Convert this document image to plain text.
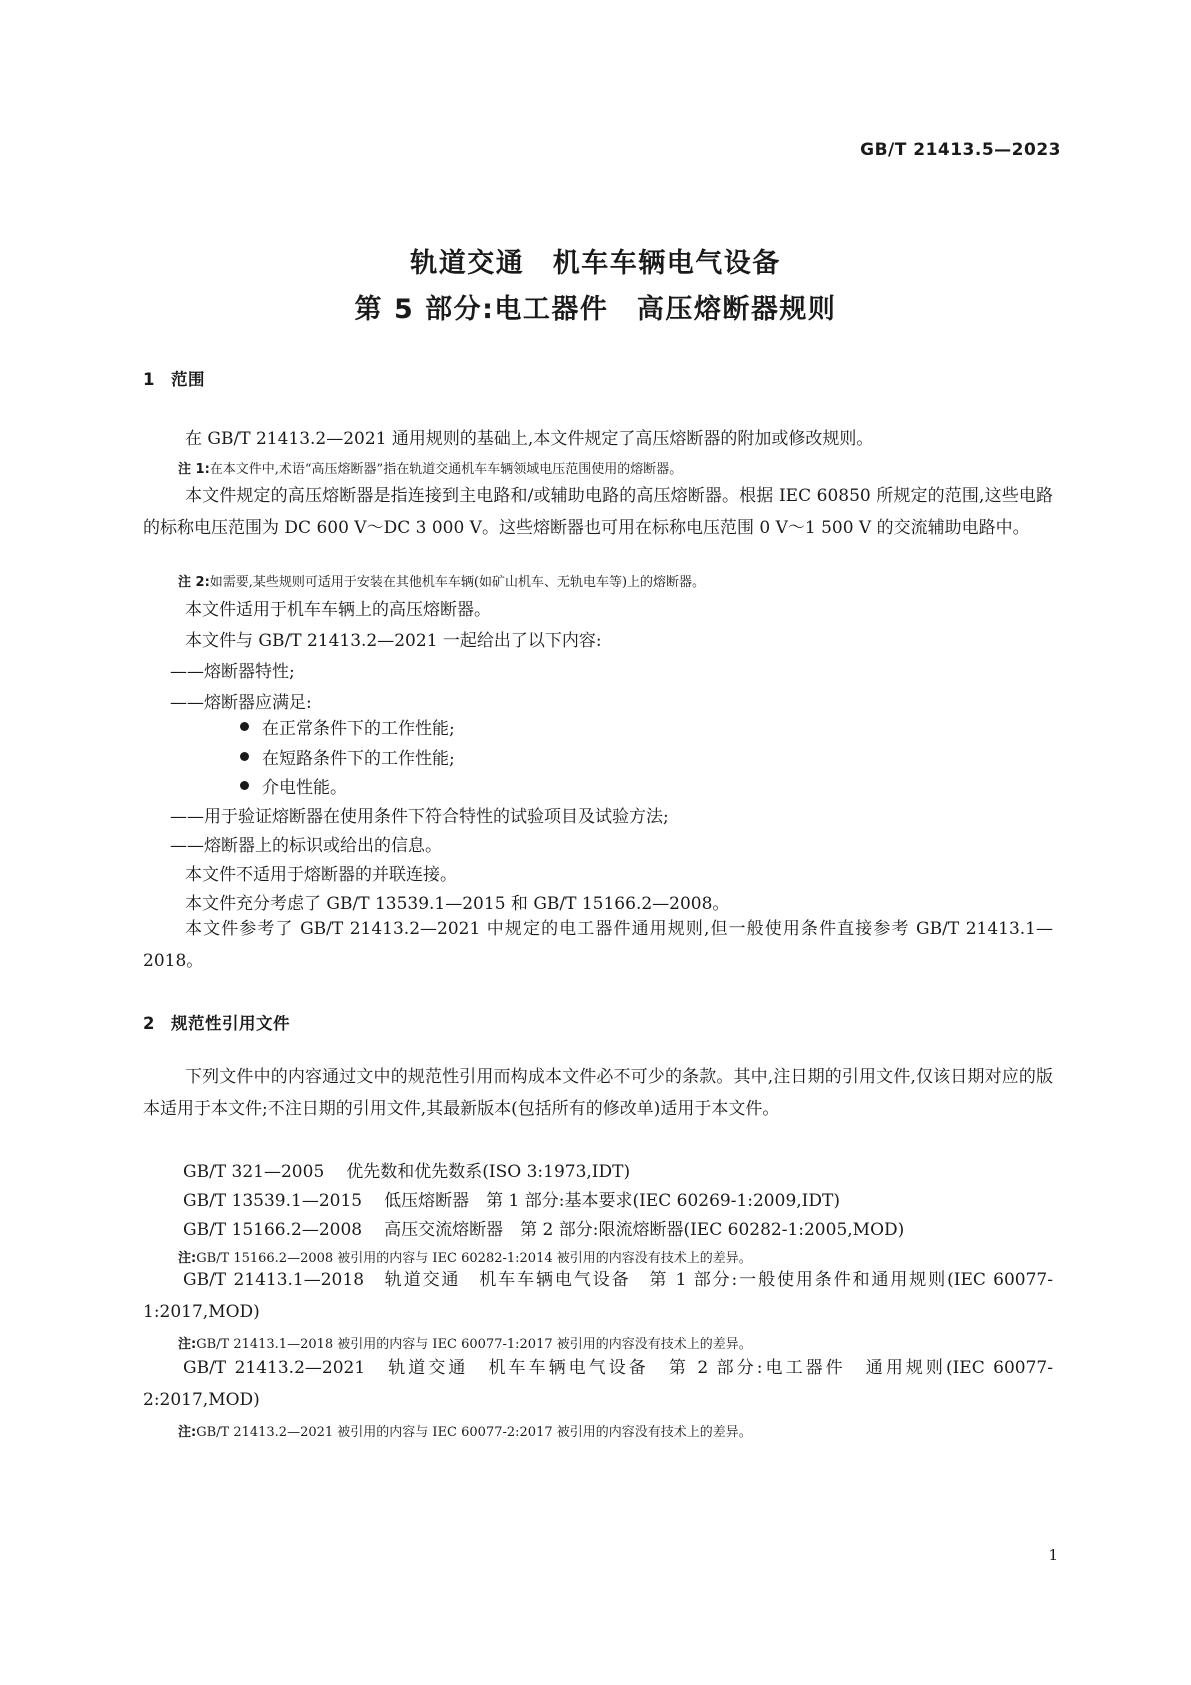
GB/T 21413.5—2023
轨道交通　机车车辆电气设备
第 5 部分:电工器件　高压熔断器规则
1 范围
在 GB/T 21413.2—2021 通用规则的基础上,本文件规定了高压熔断器的附加或修改规则。
注 1:在本文件中,术语“高压熔断器”指在轨道交通机车车辆领域电压范围使用的熔断器。
本文件规定的高压熔断器是指连接到主电路和/或辅助电路的高压熔断器。根据 IEC 60850 所规定的范围,这些电路的标称电压范围为 DC 600 V～DC 3 000 V。这些熔断器也可用在标称电压范围 0 V～1 500 V 的交流辅助电路中。
注 2:如需要,某些规则可适用于安装在其他机车车辆(如矿山机车、无轨电车等)上的熔断器。
本文件适用于机车车辆上的高压熔断器。
本文件与 GB/T 21413.2—2021 一起给出了以下内容:
——熔断器特性;
——熔断器应满足:
在正常条件下的工作性能;
在短路条件下的工作性能;
介电性能。
——用于验证熔断器在使用条件下符合特性的试验项目及试验方法;
——熔断器上的标识或给出的信息。
本文件不适用于熔断器的并联连接。
本文件充分考虑了 GB/T 13539.1—2015 和 GB/T 15166.2—2008。
本文件参考了 GB/T 21413.2—2021 中规定的电工器件通用规则,但一般使用条件直接参考 GB/T 21413.1—2018。
2 规范性引用文件
下列文件中的内容通过文中的规范性引用而构成本文件必不可少的条款。其中,注日期的引用文件,仅该日期对应的版本适用于本文件;不注日期的引用文件,其最新版本(包括所有的修改单)适用于本文件。
GB/T 321—2005 优先数和优先数系(ISO 3:1973,IDT)
GB/T 13539.1—2015 低压熔断器　第 1 部分:基本要求(IEC 60269-1:2009,IDT)
GB/T 15166.2—2008 高压交流熔断器　第 2 部分:限流熔断器(IEC 60282-1:2005,MOD)
注:GB/T 15166.2—2008 被引用的内容与 IEC 60282-1:2014 被引用的内容没有技术上的差异。
GB/T 21413.1—2018　轨道交通　机车车辆电气设备　第 1 部分:一般使用条件和通用规则(IEC 60077-1:2017,MOD)
注:GB/T 21413.1—2018 被引用的内容与 IEC 60077-1:2017 被引用的内容没有技术上的差异。
GB/T 21413.2—2021　轨道交通　机车车辆电气设备　第 2 部分:电工器件　通用规则(IEC 60077-2:2017,MOD)
注:GB/T 21413.2—2021 被引用的内容与 IEC 60077-2:2017 被引用的内容没有技术上的差异。
1
